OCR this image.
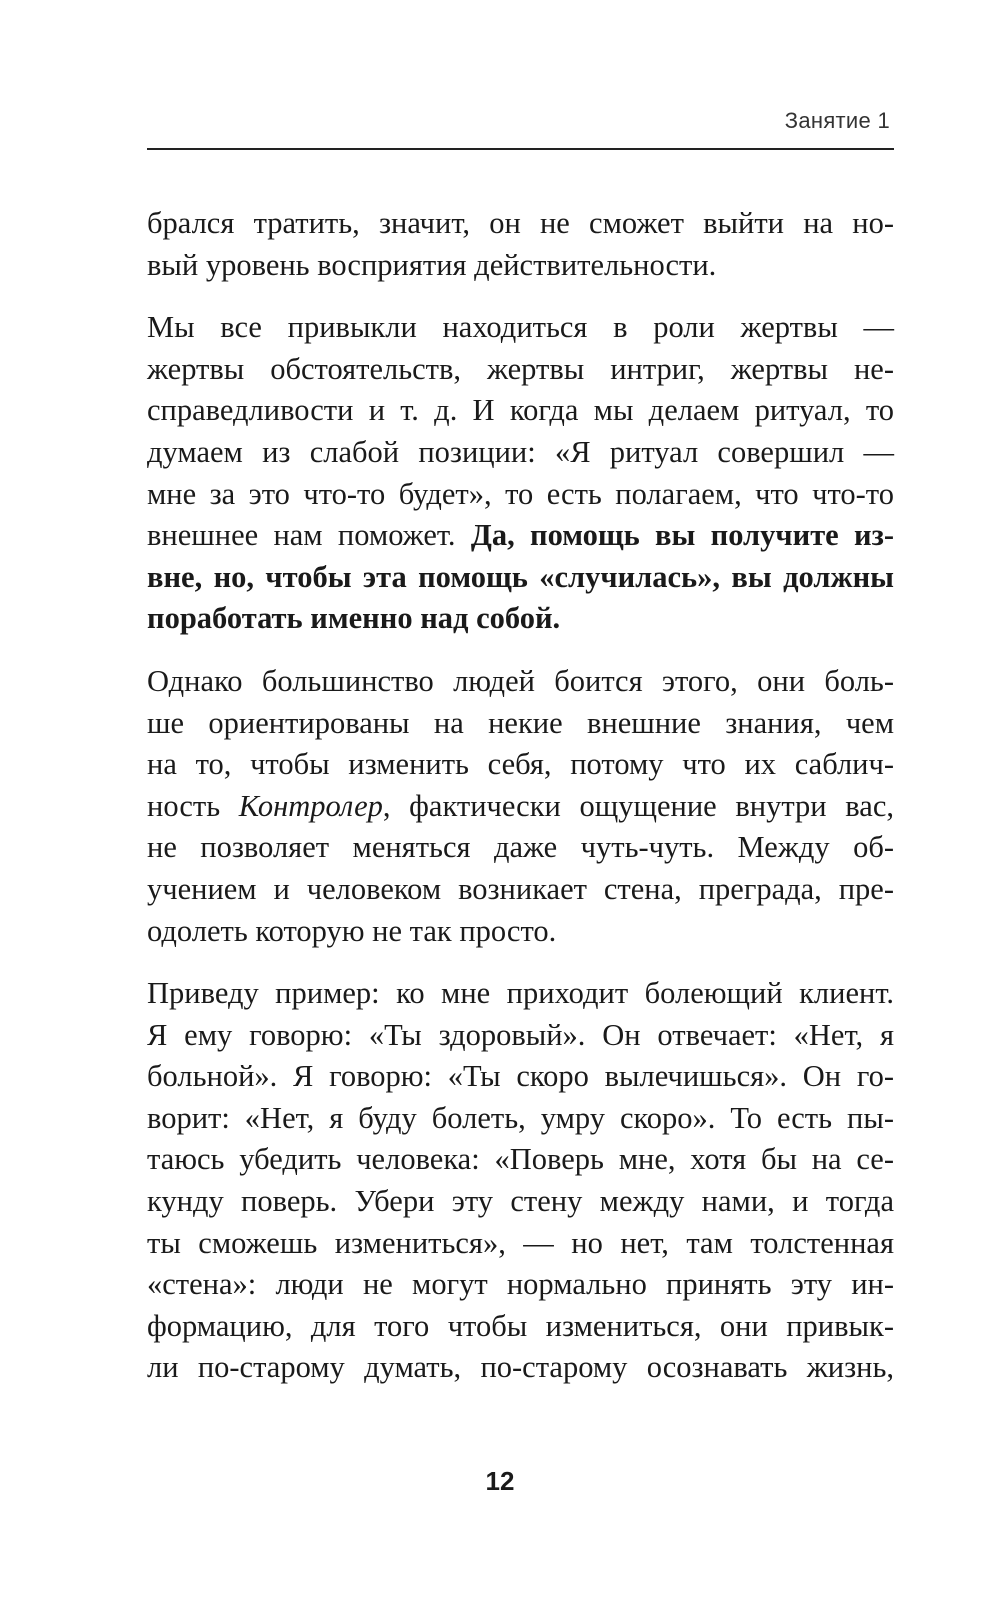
Занятие 1
брался тратить, значит, он не сможет выйти на но-
вый уровень восприятия действительности.
Мы все привыкли находиться в роли жертвы —
жертвы обстоятельств, жертвы интриг, жертвы не-
справедливости и т. д. И когда мы делаем ритуал, то
думаем из слабой позиции: «Я ритуал совершил —
мне за это что-то будет», то есть полагаем, что что-то
внешнее нам поможет. Да, помощь вы получите из-
вне, но, чтобы эта помощь «случилась», вы должны
поработать именно над собой.
Однако большинство людей боится этого, они боль-
ше ориентированы на некие внешние знания, чем
на то, чтобы изменить себя, потому что их саблич-
ность Контролер, фактически ощущение внутри вас,
не позволяет меняться даже чуть-чуть. Между об-
учением и человеком возникает стена, преграда, пре-
одолеть которую не так просто.
Приведу пример: ко мне приходит болеющий клиент.
Я ему говорю: «Ты здоровый». Он отвечает: «Нет, я
больной». Я говорю: «Ты скоро вылечишься». Он го-
ворит: «Нет, я буду болеть, умру скоро». То есть пы-
таюсь убедить человека: «Поверь мне, хотя бы на се-
кунду поверь. Убери эту стену между нами, и тогда
ты сможешь измениться», — но нет, там толстенная
«стена»: люди не могут нормально принять эту ин-
формацию, для того чтобы измениться, они привык-
ли по-старому думать, по-старому осознавать жизнь,
12
